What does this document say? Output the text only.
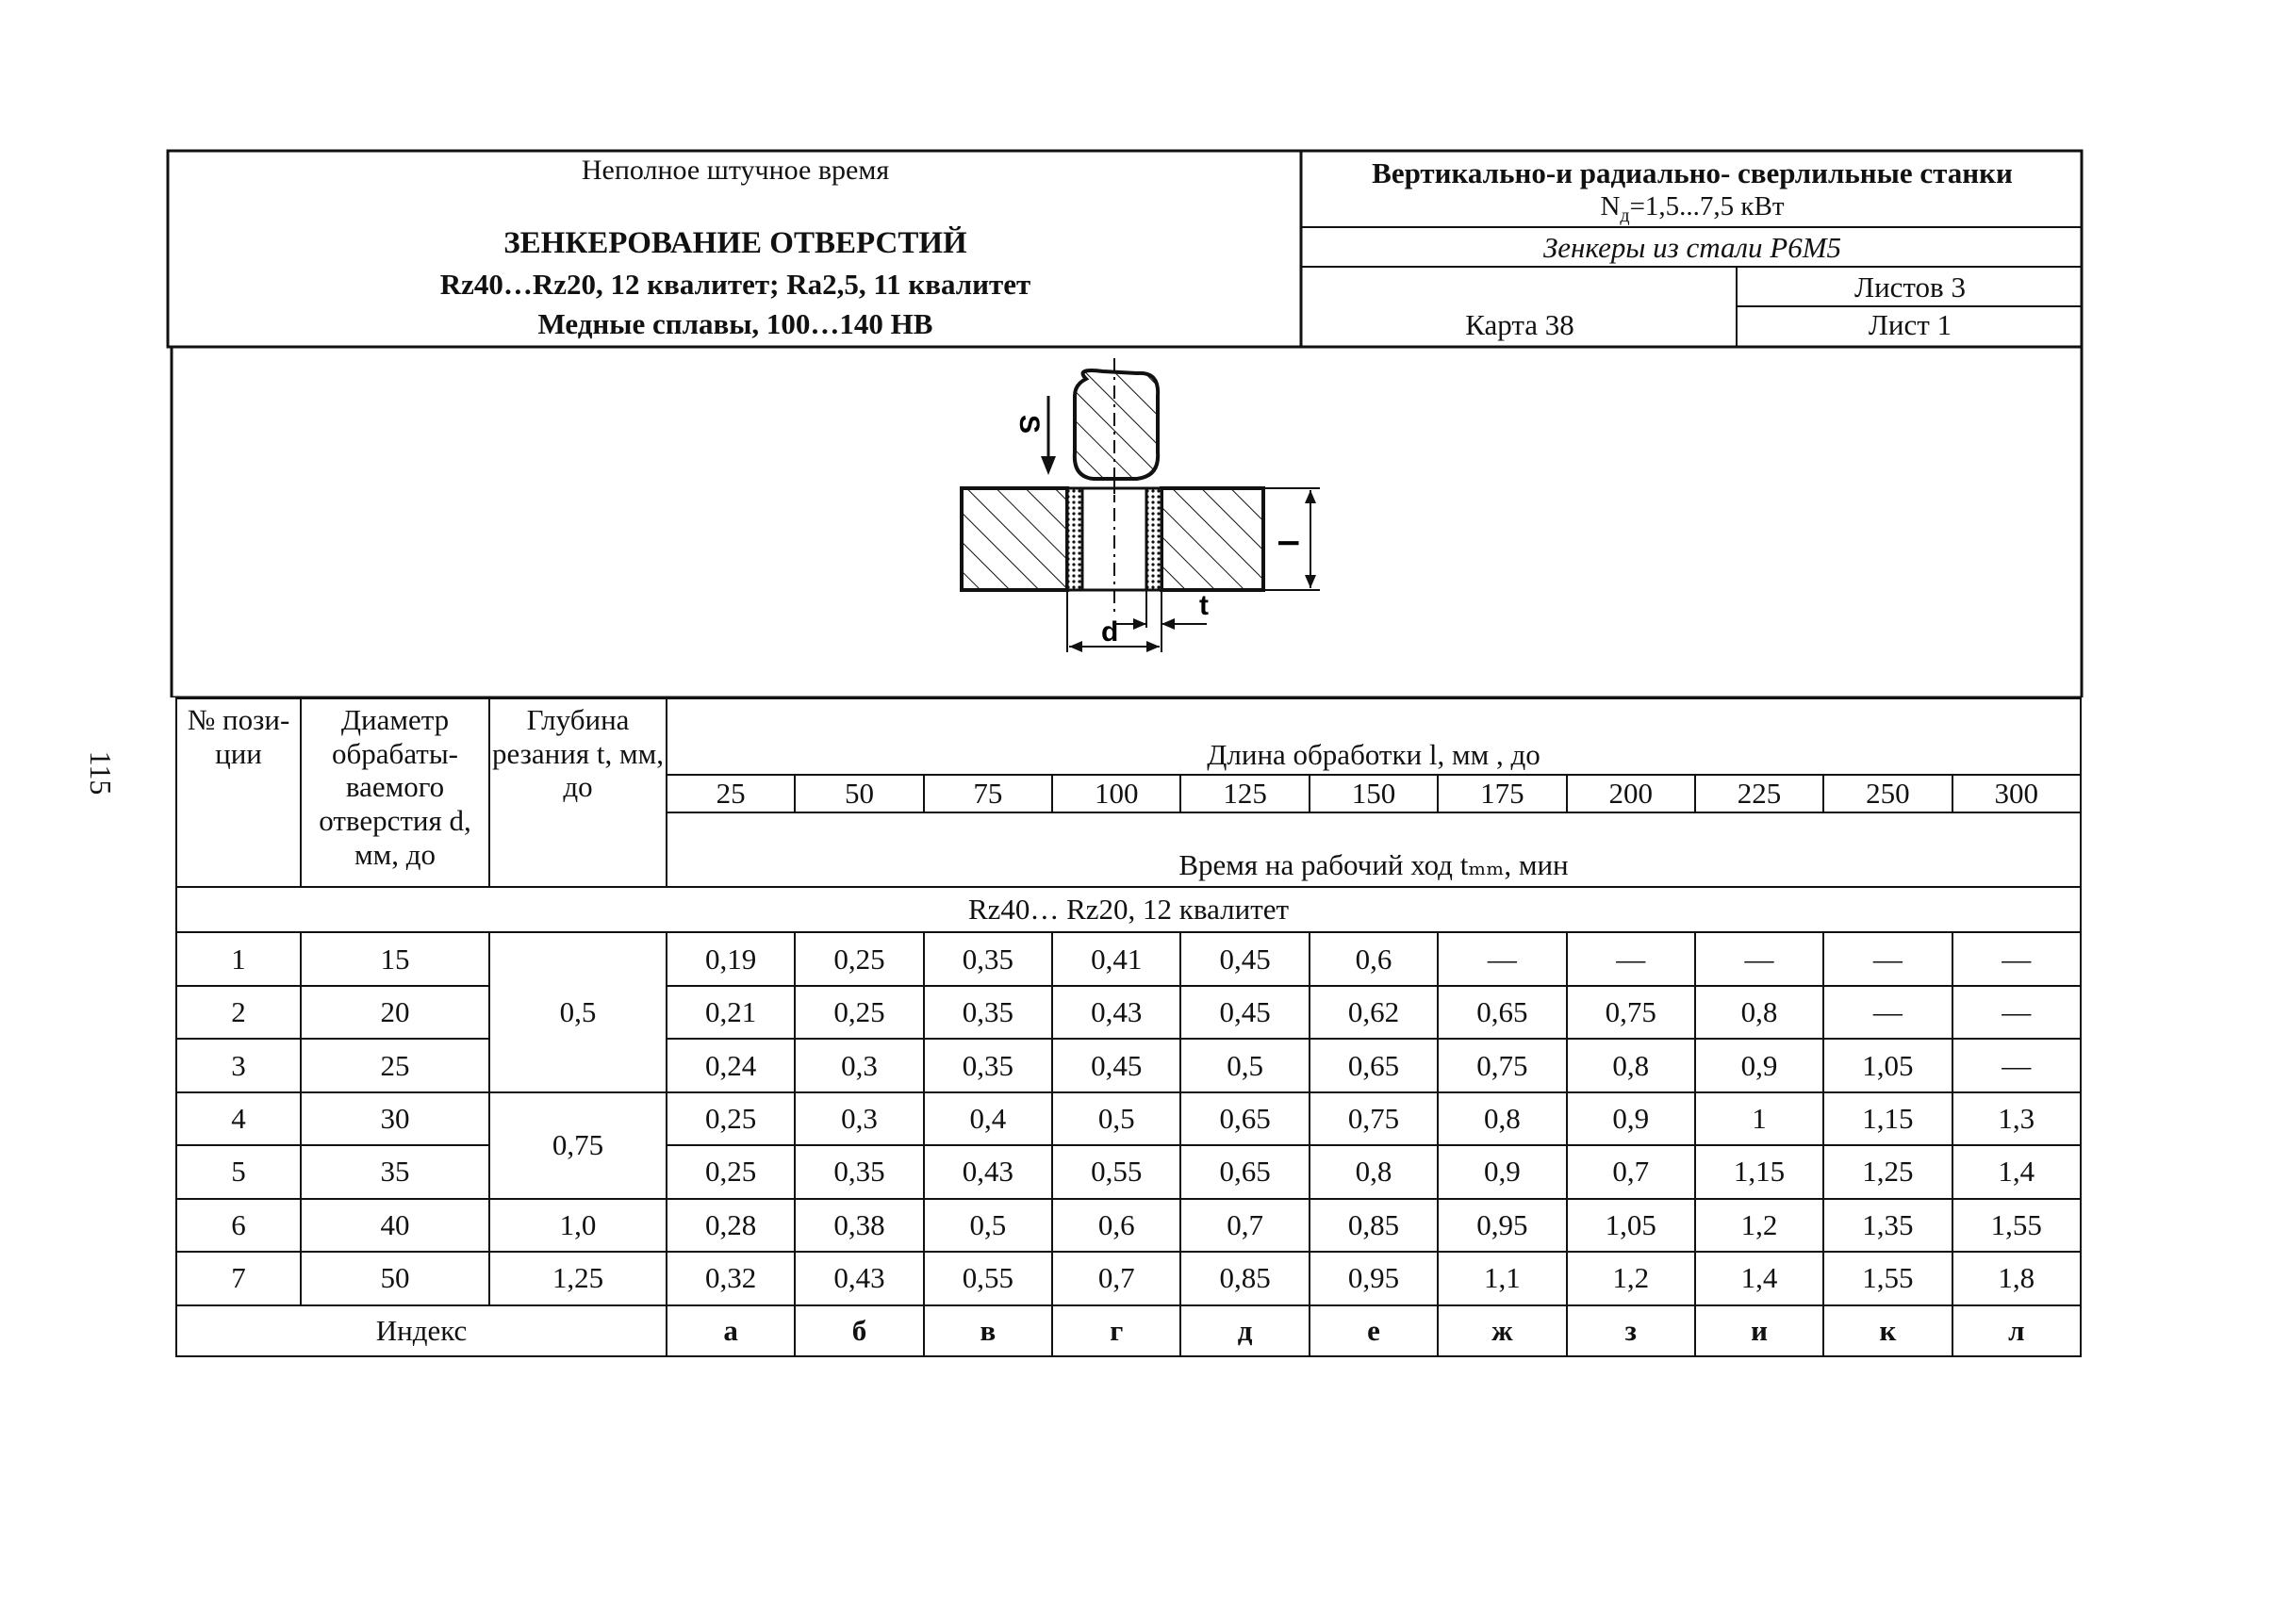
115
Неполное штучное время
ЗЕНКЕРОВАНИЕ ОТВЕРСТИЙ
Rz40…Rz20, 12 квалитет; Ra2,5, 11 квалитет
Медные сплавы, 100…140 НВ
Вертикально-и радиально- сверлильные станки
$N_д=1,5...7,5$ кВт
Зенкеры из стали Р6М5
Листов 3
Карта 38	Лист 1
S
l
d
t
№ пози- ции	Диаметр обрабаты- ваемого отверстия d, мм, до	Глубина резания t, мм, до											
			Длина обработки l, мм , до										
			25	50	75	100	125	150	175	200	225	250	300
			Время на рабочий ход tₘₘ, мин										
Rz40… Rz20, 12 квалитет													
1	15	0,5	0,19	0,25	0,35	0,41	0,45	0,6	—	—	—	—	—
2	20		0,21	0,25	0,35	0,43	0,45	0,62	0,65	0,75	0,8	—	—
3	25		0,24	0,3	0,35	0,45	0,5	0,65	0,75	0,8	0,9	1,05	—
4	30	0,75	0,25	0,3	0,4	0,5	0,65	0,75	0,8	0,9	1	1,15	1,3
5	35		0,25	0,35	0,43	0,55	0,65	0,8	0,9	0,7	1,15	1,25	1,4
6	40	1,0	0,28	0,38	0,5	0,6	0,7	0,85	0,95	1,05	1,2	1,35	1,55
7	50	1,25	0,32	0,43	0,55	0,7	0,85	0,95	1,1	1,2	1,4	1,55	1,8
Индекс			а	б	в	г	д	е	ж	з	и	к	л
